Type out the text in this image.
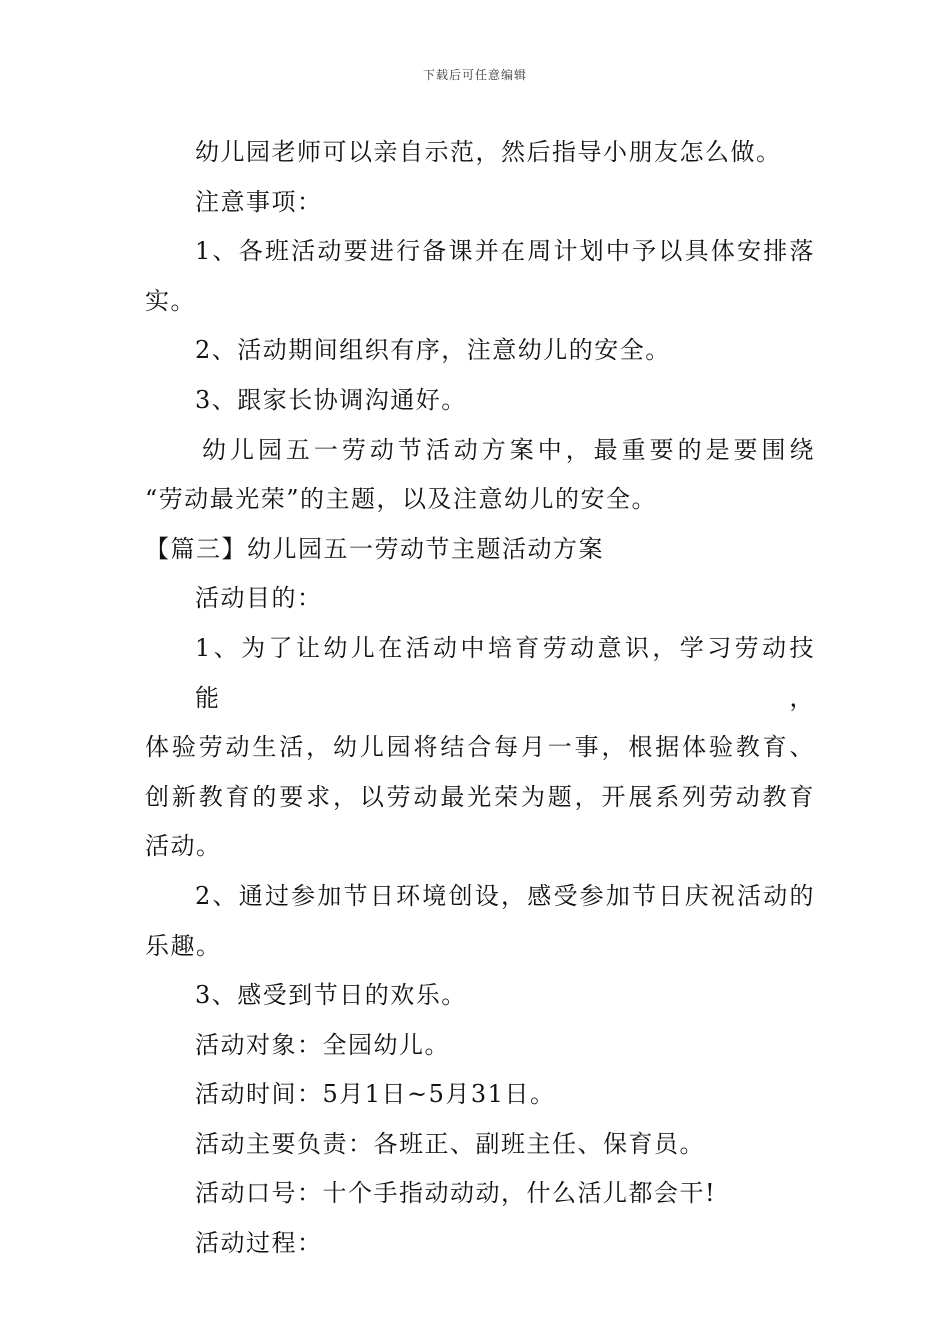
下载后可任意编辑
幼儿园老师可以亲自示范，然后指导小朋友怎么做。
注意事项：
1、各班活动要进行备课并在周计划中予以具体安排落
实。
2、活动期间组织有序，注意幼儿的安全。
3、跟家长协调沟通好。
幼儿园五一劳动节活动方案中，最重要的是要围绕
“劳动最光荣”的主题，以及注意幼儿的安全。
【篇三】幼儿园五一劳动节主题活动方案
活动目的：
1、为了让幼儿在活动中培育劳动意识，学习劳动技能，
体验劳动生活，幼儿园将结合每月一事，根据体验教育、
创新教育的要求，以劳动最光荣为题，开展系列劳动教育
活动。
2、通过参加节日环境创设，感受参加节日庆祝活动的
乐趣。
3、感受到节日的欢乐。
活动对象：全园幼儿。
活动时间：5月1日~5月31日。
活动主要负责：各班正、副班主任、保育员。
活动口号：十个手指动动动，什么活儿都会干!
活动过程：
